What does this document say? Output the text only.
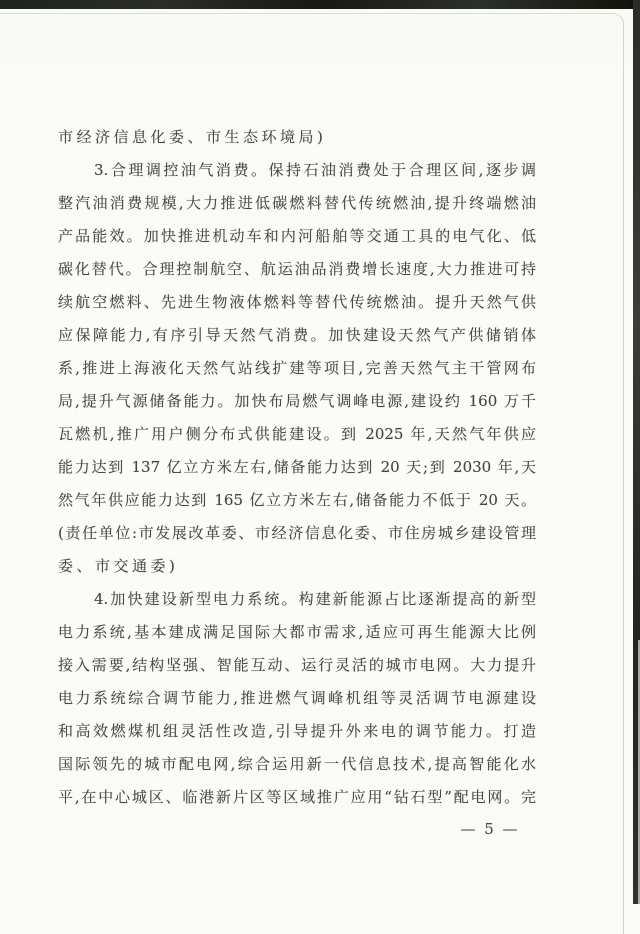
市经济信息化委、市生态环境局)
3.合理调控油气消费。保持石油消费处于合理区间,逐步调
整汽油消费规模,大力推进低碳燃料替代传统燃油,提升终端燃油
产品能效。加快推进机动车和内河船舶等交通工具的电气化、低
碳化替代。合理控制航空、航运油品消费增长速度,大力推进可持
续航空燃料、先进生物液体燃料等替代传统燃油。提升天然气供
应保障能力,有序引导天然气消费。加快建设天然气产供储销体
系,推进上海液化天然气站线扩建等项目,完善天然气主干管网布
局,提升气源储备能力。加快布局燃气调峰电源,建设约 160 万千
瓦燃机,推广用户侧分布式供能建设。到 2025 年,天然气年供应
能力达到 137 亿立方米左右,储备能力达到 20 天;到 2030 年,天
然气年供应能力达到 165 亿立方米左右,储备能力不低于 20 天。
(责任单位:市发展改革委、市经济信息化委、市住房城乡建设管理
委、市交通委)
4.加快建设新型电力系统。构建新能源占比逐渐提高的新型
电力系统,基本建成满足国际大都市需求,适应可再生能源大比例
接入需要,结构坚强、智能互动、运行灵活的城市电网。大力提升
电力系统综合调节能力,推进燃气调峰机组等灵活调节电源建设
和高效燃煤机组灵活性改造,引导提升外来电的调节能力。打造
国际领先的城市配电网,综合运用新一代信息技术,提高智能化水
平,在中心城区、临港新片区等区域推广应用“钻石型”配电网。完
— 5 —
